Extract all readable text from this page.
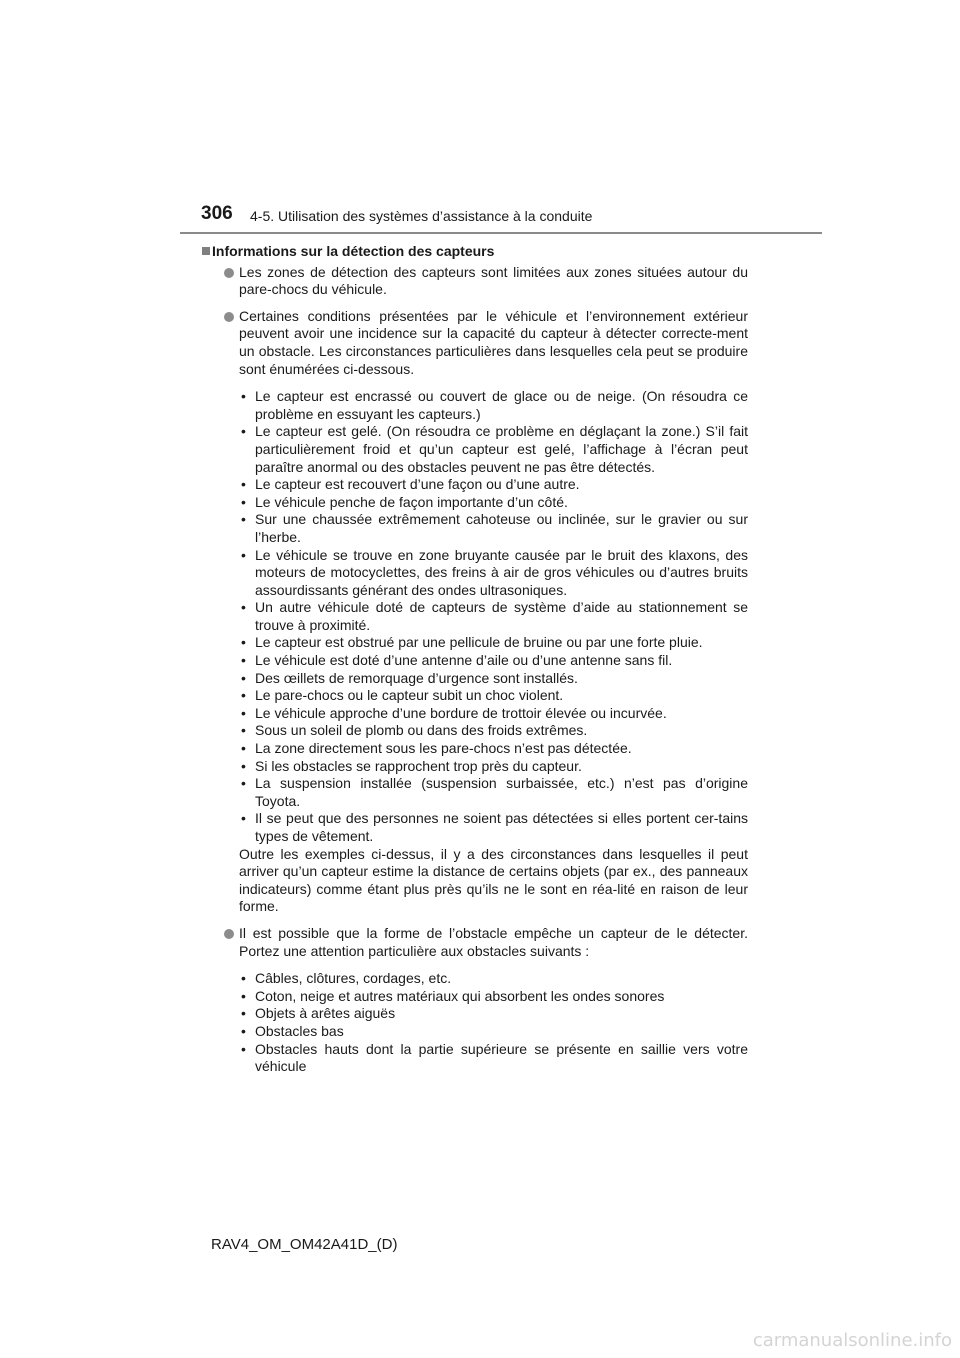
306 4-5. Utilisation des systèmes d’assistance à la conduite
Informations sur la détection des capteurs

Les zones de détection des capteurs sont limitées aux zones situées autour du pare-chocs du véhicule.

Certaines conditions présentées par le véhicule et l’environnement extérieur peuvent avoir une incidence sur la capacité du capteur à détecter correcte-ment un obstacle. Les circonstances particulières dans lesquelles cela peut se produire sont énumérées ci-dessous.

• Le capteur est encrassé ou couvert de glace ou de neige. (On résoudra ce problème en essuyant les capteurs.)
• Le capteur est gelé. (On résoudra ce problème en déglaçant la zone.) S’il fait particulièrement froid et qu’un capteur est gelé, l’affichage à l’écran peut paraître anormal ou des obstacles peuvent ne pas être détectés.
• Le capteur est recouvert d’une façon ou d’une autre.
• Le véhicule penche de façon importante d’un côté.
• Sur une chaussée extrêmement cahoteuse ou inclinée, sur le gravier ou sur l’herbe.
• Le véhicule se trouve en zone bruyante causée par le bruit des klaxons, des moteurs de motocyclettes, des freins à air de gros véhicules ou d’autres bruits assourdissants générant des ondes ultrasoniques.
• Un autre véhicule doté de capteurs de système d’aide au stationnement se trouve à proximité.
• Le capteur est obstrué par une pellicule de bruine ou par une forte pluie.
• Le véhicule est doté d’une antenne d’aile ou d’une antenne sans fil.
• Des œillets de remorquage d’urgence sont installés.
• Le pare-chocs ou le capteur subit un choc violent.
• Le véhicule approche d’une bordure de trottoir élevée ou incurvée.
• Sous un soleil de plomb ou dans des froids extrêmes.
• La zone directement sous les pare-chocs n’est pas détectée.
• Si les obstacles se rapprochent trop près du capteur.
• La suspension installée (suspension surbaissée, etc.) n’est pas d’origine Toyota.
• Il se peut que des personnes ne soient pas détectées si elles portent cer-tains types de vêtement.

Outre les exemples ci-dessus, il y a des circonstances dans lesquelles il peut arriver qu’un capteur estime la distance de certains objets (par ex., des panneaux indicateurs) comme étant plus près qu’ils ne le sont en réa-lité en raison de leur forme.

Il est possible que la forme de l’obstacle empêche un capteur de le détecter. Portez une attention particulière aux obstacles suivants :

• Câbles, clôtures, cordages, etc.
• Coton, neige et autres matériaux qui absorbent les ondes sonores
• Objets à arêtes aiguës
• Obstacles bas
• Obstacles hauts dont la partie supérieure se présente en saillie vers votre véhicule
RAV4_OM_OM42A41D_(D)
carmanualsonline.info
